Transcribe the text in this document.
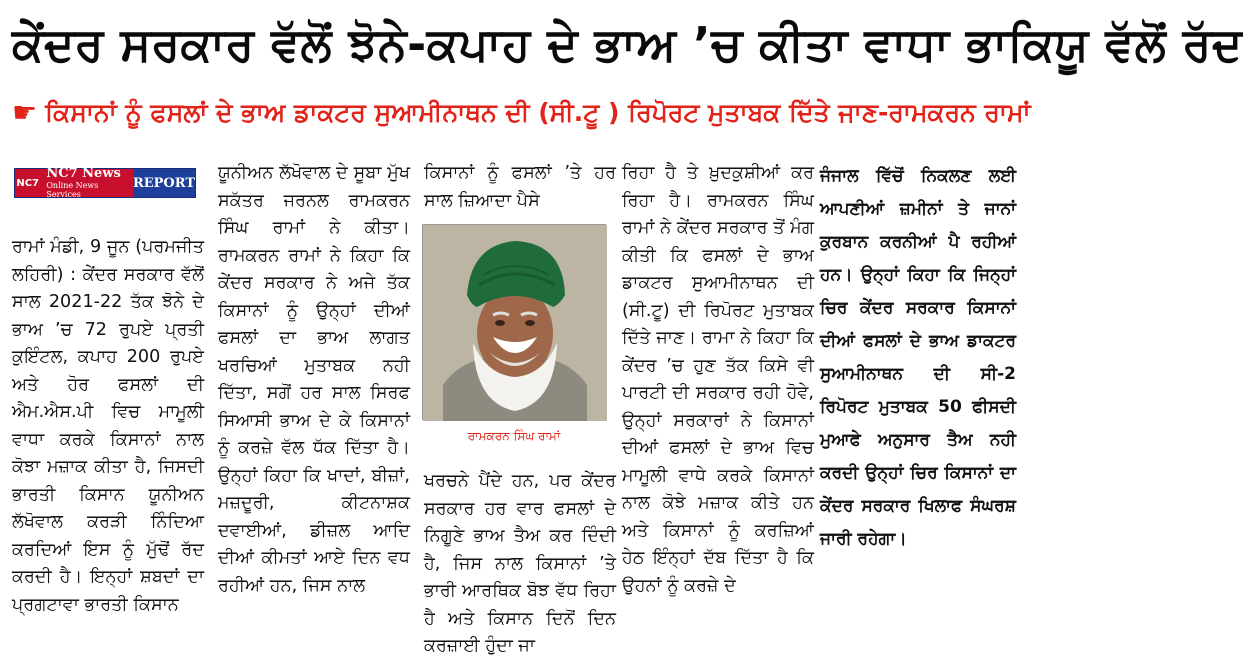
ਕੇਂਦਰ ਸਰਕਾਰ ਵੱਲੋਂ ਝੋਨੇ-ਕਪਾਹ ਦੇ ਭਾਅ ’ਚ ਕੀਤਾ ਵਾਧਾ ਭਾਕਿਯੂ ਵੱਲੋਂ ਰੱਦ
☛ ਕਿਸਾਨਾਂ ਨੂੰ ਫਸਲਾਂ ਦੇ ਭਾਅ ਡਾਕਟਰ ਸੁਆਮੀਨਾਥਨ ਦੀ (ਸੀ.ਟੂ ) ਰਿਪੋਰਟ ਮੁਤਾਬਕ ਦਿੱਤੇ ਜਾਣ-ਰਾਮਕਰਨ ਰਾਮਾਂ
NC7
NC7 News
Online News Services
REPORT

ਰਾਮਾਂ ਮੰਡੀ, 9 ਜੂਨ (ਪਰਮਜੀਤ ਲਹਿਰੀ) : ਕੇਂਦਰ ਸਰਕਾਰ ਵੱਲੋਂ ਸਾਲ 2021-22 ਤੱਕ ਝੋਨੇ ਦੇ ਭਾਅ ’ਚ 72 ਰੁਪਏ ਪ੍ਰਤੀ ਕੁਇੰਟਲ, ਕਪਾਹ 200 ਰੁਪਏ ਅਤੇ ਹੋਰ ਫਸਲਾਂ ਦੀ ਐਮ.ਐਸ.ਪੀ ਵਿਚ ਮਾਮੂਲੀ ਵਾਧਾ ਕਰਕੇ ਕਿਸਾਨਾਂ ਨਾਲ ਕੋਝਾ ਮਜ਼ਾਕ ਕੀਤਾ ਹੈ, ਜਿਸਦੀ ਭਾਰਤੀ ਕਿਸਾਨ ਯੂਨੀਅਨ ਲੱਖੋਵਾਲ ਕਰੜੀ ਨਿੰਦਿਆ ਕਰਦਿਆਂ ਇਸ ਨੂੰ ਮੁੱਢੋਂ ਰੱਦ ਕਰਦੀ ਹੈ। ਇਨ੍ਹਾਂ ਸ਼ਬਦਾਂ ਦਾ ਪ੍ਰਗਟਾਵਾ ਭਾਰਤੀ ਕਿਸਾਨ

ਯੂਨੀਅਨ ਲੱਖੋਵਾਲ ਦੇ ਸੂਬਾ ਮੁੱਖ ਸਕੱਤਰ ਜਰਨਲ ਰਾਮਕਰਨ ਸਿੰਘ ਰਾਮਾਂ ਨੇ ਕੀਤਾ। ਰਾਮਕਰਨ ਰਾਮਾਂ ਨੇ ਕਿਹਾ ਕਿ ਕੇਂਦਰ ਸਰਕਾਰ ਨੇ ਅਜੇ ਤੱਕ ਕਿਸਾਨਾਂ ਨੂੰ ਉਨ੍ਹਾਂ ਦੀਆਂ ਫਸਲਾਂ ਦਾ ਭਾਅ ਲਾਗਤ ਖਰਚਿਆਂ ਮੁਤਾਬਕ ਨਹੀ ਦਿੱਤਾ, ਸਗੋਂ ਹਰ ਸਾਲ ਸਿਰਫ ਸਿਆਸੀ ਭਾਅ ਦੇ ਕੇ ਕਿਸਾਨਾਂ ਨੂੰ ਕਰਜ਼ੇ ਵੱਲ ਧੱਕ ਦਿੱਤਾ ਹੈ। ਉਨ੍ਹਾਂ ਕਿਹਾ ਕਿ ਖਾਦਾਂ, ਬੀਜ਼ਾਂ, ਮਜ਼ਦੂਰੀ, ਕੀਟਨਾਸ਼ਕ ਦਵਾਈਆਂ, ਡੀਜ਼ਲ ਆਦਿ ਦੀਆਂ ਕੀਮਤਾਂ ਆਏ ਦਿਨ ਵਧ ਰਹੀਆਂ ਹਨ, ਜਿਸ ਨਾਲ

ਕਿਸਾਨਾਂ ਨੂੰ ਫਸਲਾਂ ’ਤੇ ਹਰ ਸਾਲ ਜ਼ਿਆਦਾ ਪੈਸੇ

ਰਾਮਕਰਨ ਸਿੰਘ ਰਾਮਾਂ

ਖਰਚਨੇ ਪੈਂਦੇ ਹਨ, ਪਰ ਕੇਂਦਰ ਸਰਕਾਰ ਹਰ ਵਾਰ ਫਸਲਾਂ ਦੇ ਨਿਗੂਣੇ ਭਾਅ ਤੈਅ ਕਰ ਦਿੰਦੀ ਹੈ, ਜਿਸ ਨਾਲ ਕਿਸਾਨਾਂ ’ਤੇ ਭਾਰੀ ਆਰਥਿਕ ਬੋਝ ਵੱਧ ਰਿਹਾ ਹੈ ਅਤੇ ਕਿਸਾਨ ਦਿਨੋਂ ਦਿਨ ਕਰਜ਼ਾਈ ਹੁੰਦਾ ਜਾ

ਰਿਹਾ ਹੈ ਤੇ ਖ਼ੁਦਕੁਸ਼ੀਆਂ ਕਰ ਰਿਹਾ ਹੈ। ਰਾਮਕਰਨ ਸਿੰਘ ਰਾਮਾਂ ਨੇ ਕੇਂਦਰ ਸਰਕਾਰ ਤੋਂ ਮੰਗ ਕੀਤੀ ਕਿ ਫਸਲਾਂ ਦੇ ਭਾਅ ਡਾਕਟਰ ਸੁਆਮੀਨਾਥਨ ਦੀ (ਸੀ.ਟੂ) ਦੀ ਰਿਪੋਰਟ ਮੁਤਾਬਕ ਦਿੱਤੇ ਜਾਣ। ਰਾਮਾ ਨੇ ਕਿਹਾ ਕਿ ਕੇਂਦਰ ’ਚ ਹੁਣ ਤੱਕ ਕਿਸੇ ਵੀ ਪਾਰਟੀ ਦੀ ਸਰਕਾਰ ਰਹੀ ਹੋਵੇ, ਉਨ੍ਹਾਂ ਸਰਕਾਰਾਂ ਨੇ ਕਿਸਾਨਾਂ ਦੀਆਂ ਫਸਲਾਂ ਦੇ ਭਾਅ ਵਿਚ ਮਾਮੂਲੀ ਵਾਧੇ ਕਰਕੇ ਕਿਸਾਨਾਂ ਨਾਲ ਕੋਝੇ ਮਜ਼ਾਕ ਕੀਤੇ ਹਨ ਅਤੇ ਕਿਸਾਨਾਂ ਨੂੰ ਕਰਜ਼ਿਆਂ ਹੇਠ ਇੰਨ੍ਹਾਂ ਦੱਬ ਦਿੱਤਾ ਹੈ ਕਿ ਉਹਨਾਂ ਨੂੰ ਕਰਜ਼ੇ ਦੇ

ਜੰਜਾਲ ਵਿੱਚੋਂ ਨਿਕਲਣ ਲਈ ਆਪਣੀਆਂ ਜ਼ਮੀਨਾਂ ਤੇ ਜਾਨਾਂ ਕੁਰਬਾਨ ਕਰਨੀਆਂ ਪੈ ਰਹੀਆਂ ਹਨ। ਉਨ੍ਹਾਂ ਕਿਹਾ ਕਿ ਜਿਨ੍ਹਾਂ ਚਿਰ ਕੇਂਦਰ ਸਰਕਾਰ ਕਿਸਾਨਾਂ ਦੀਆਂ ਫਸਲਾਂ ਦੇ ਭਾਅ ਡਾਕਟਰ ਸੁਆਮੀਨਾਥਨ ਦੀ ਸੀ-2 ਰਿਪੋਰਟ ਮੁਤਾਬਕ 50 ਫੀਸਦੀ ਮੁਆਫੇ ਅਨੁਸਾਰ ਤੈਅ ਨਹੀ ਕਰਦੀ ਉਨ੍ਹਾਂ ਚਿਰ ਕਿਸਾਨਾਂ ਦਾ ਕੇਂਦਰ ਸਰਕਾਰ ਖਿਲਾਫ ਸੰਘਰਸ਼ ਜਾਰੀ ਰਹੇਗਾ।
